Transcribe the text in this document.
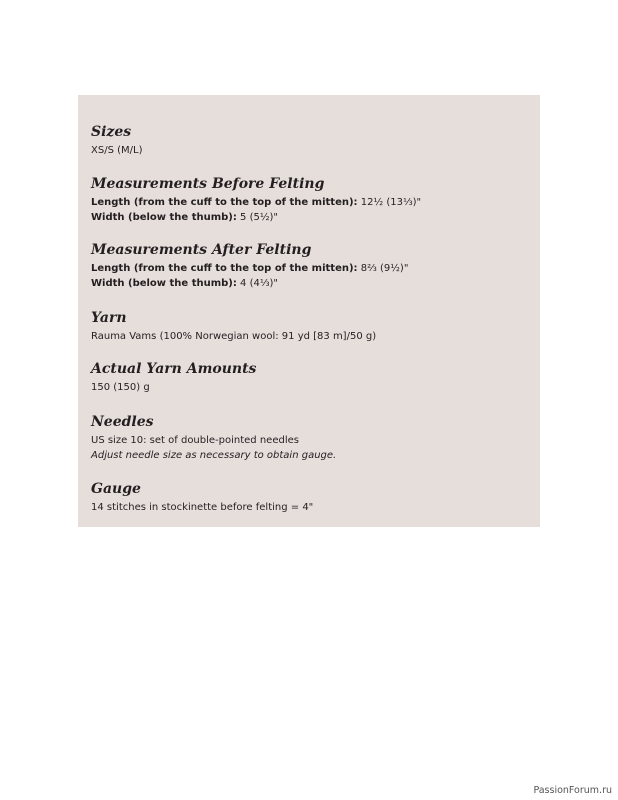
Sizes
XS/S (M/L)
Measurements Before Felting
Length (from the cuff to the top of the mitten): 12½ (13⅓)"
Width (below the thumb): 5 (5½)"
Measurements After Felting
Length (from the cuff to the top of the mitten): 8⅔ (9½)"
Width (below the thumb): 4 (4⅓)"
Yarn
Rauma Vams (100% Norwegian wool: 91 yd [83 m]/50 g)
Actual Yarn Amounts
150 (150) g
Needles
US size 10: set of double-pointed needles
Adjust needle size as necessary to obtain gauge.
Gauge
14 stitches in stockinette before felting = 4"
PassionForum.ru
